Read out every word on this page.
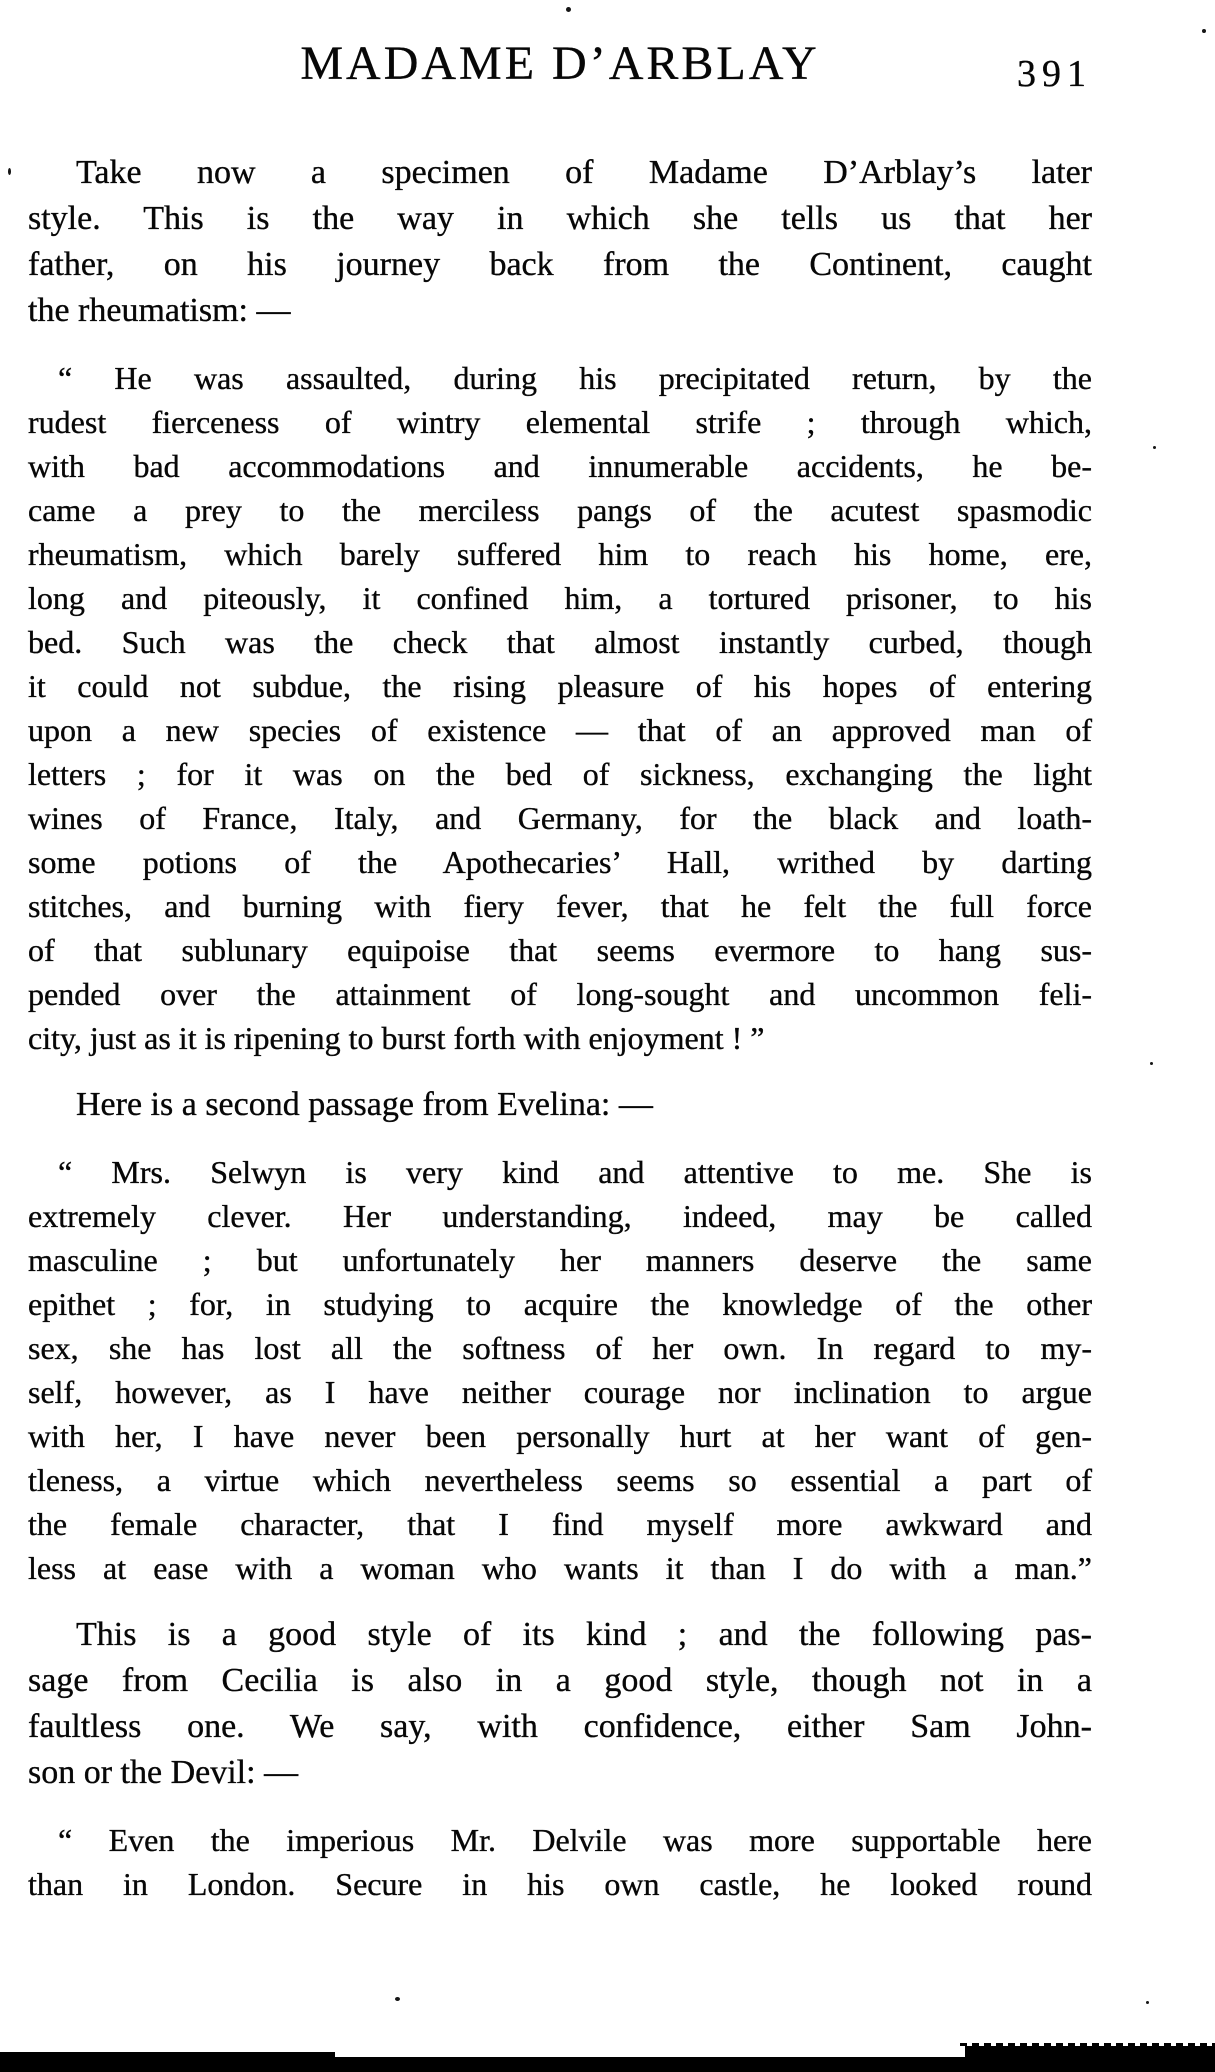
MADAME D’ARBLAY	391
Take now a specimen of Madame D’Arblay’s later
style. This is the way in which she tells us that her
father, on his journey back from the Continent, caught
the rheumatism: —
“ He was assaulted, during his precipitated return, by the
rudest fierceness of wintry elemental strife ; through which,
with bad accommodations and innumerable accidents, he be-
came a prey to the merciless pangs of the acutest spasmodic
rheumatism, which barely suffered him to reach his home, ere,
long and piteously, it confined him, a tortured prisoner, to his
bed. Such was the check that almost instantly curbed, though
it could not subdue, the rising pleasure of his hopes of entering
upon a new species of existence — that of an approved man of
letters ; for it was on the bed of sickness, exchanging the light
wines of France, Italy, and Germany, for the black and loath-
some potions of the Apothecaries’ Hall, writhed by darting
stitches, and burning with fiery fever, that he felt the full force
of that sublunary equipoise that seems evermore to hang sus-
pended over the attainment of long-sought and uncommon feli-
city, just as it is ripening to burst forth with enjoyment ! ”
Here is a second passage from Evelina: —
“ Mrs. Selwyn is very kind and attentive to me. She is
extremely clever. Her understanding, indeed, may be called
masculine ; but unfortunately her manners deserve the same
epithet ; for, in studying to acquire the knowledge of the other
sex, she has lost all the softness of her own. In regard to my-
self, however, as I have neither courage nor inclination to argue
with her, I have never been personally hurt at her want of gen-
tleness, a virtue which nevertheless seems so essential a part of
the female character, that I find myself more awkward and
less at ease with a woman who wants it than I do with a man.”
This is a good style of its kind ; and the following pas-
sage from Cecilia is also in a good style, though not in a
faultless one. We say, with confidence, either Sam John-
son or the Devil: —
“ Even the imperious Mr. Delvile was more supportable here
than in London. Secure in his own castle, he looked round
